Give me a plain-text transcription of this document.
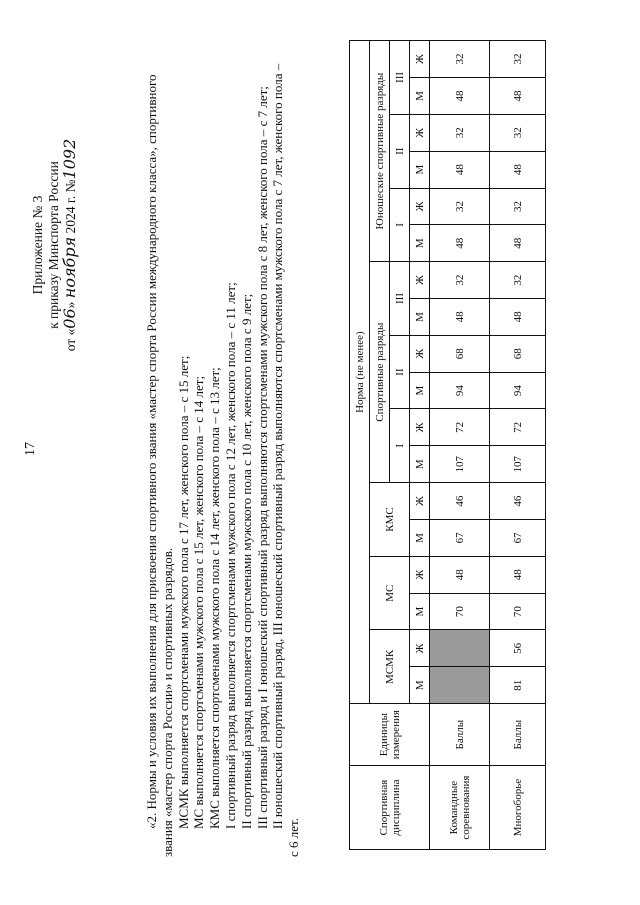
17
Приложение № 3 к приказу Минспорта России
от «06» ноября 2024 г. №1092	«2. Нормы и условия их выполнения для присвоения спортивного звания «мастер спорта России международного класса», спортивного звания «мастер спорта России» и спортивных разрядов. МСМК выполняется спортсменами мужского пола с 17 лет, женского пола – с 15 лет; МС выполняется спортсменами мужского пола с 15 лет, женского пола – с 14 лет; КМС выполняется спортсменами мужского пола с 14 лет, женского пола – с 13 лет; I спортивный разряд выполняется спортсменами мужского пола с 12 лет, женского пола – с 11 лет; II спортивный разряд выполняется спортсменами мужского пола с 10 лет, женского пола с 9 лет; III спортивный разряд и I юношеский спортивный разряд выполняются спортсменами мужского пола с 8 лет, женского пола – с 7 лет; II юношеский спортивный разряд, III юношеский спортивный разряд выполняются спортсменами мужского пола с 7 лет, женского пола – с 6 лет.

Спортивная дисциплина	Единицы измерения	Норма (не менее)																	
		МСМК		МС		КМС		Спортивные разряды						Юношеские спортивные разряды					
								I		II		III		I		II		III	
		М	Ж	М	Ж	М	Ж	М	Ж	М	Ж	М	Ж	М	Ж	М	Ж	М	Ж
Командные соревнования	Баллы			70	48	67	46	107	72	94	68	48	32	48	32	48	32	48	32
Многоборье	Баллы	81	56	70	48	67	46	107	72	94	68	48	32	48	32	48	32	48	32
